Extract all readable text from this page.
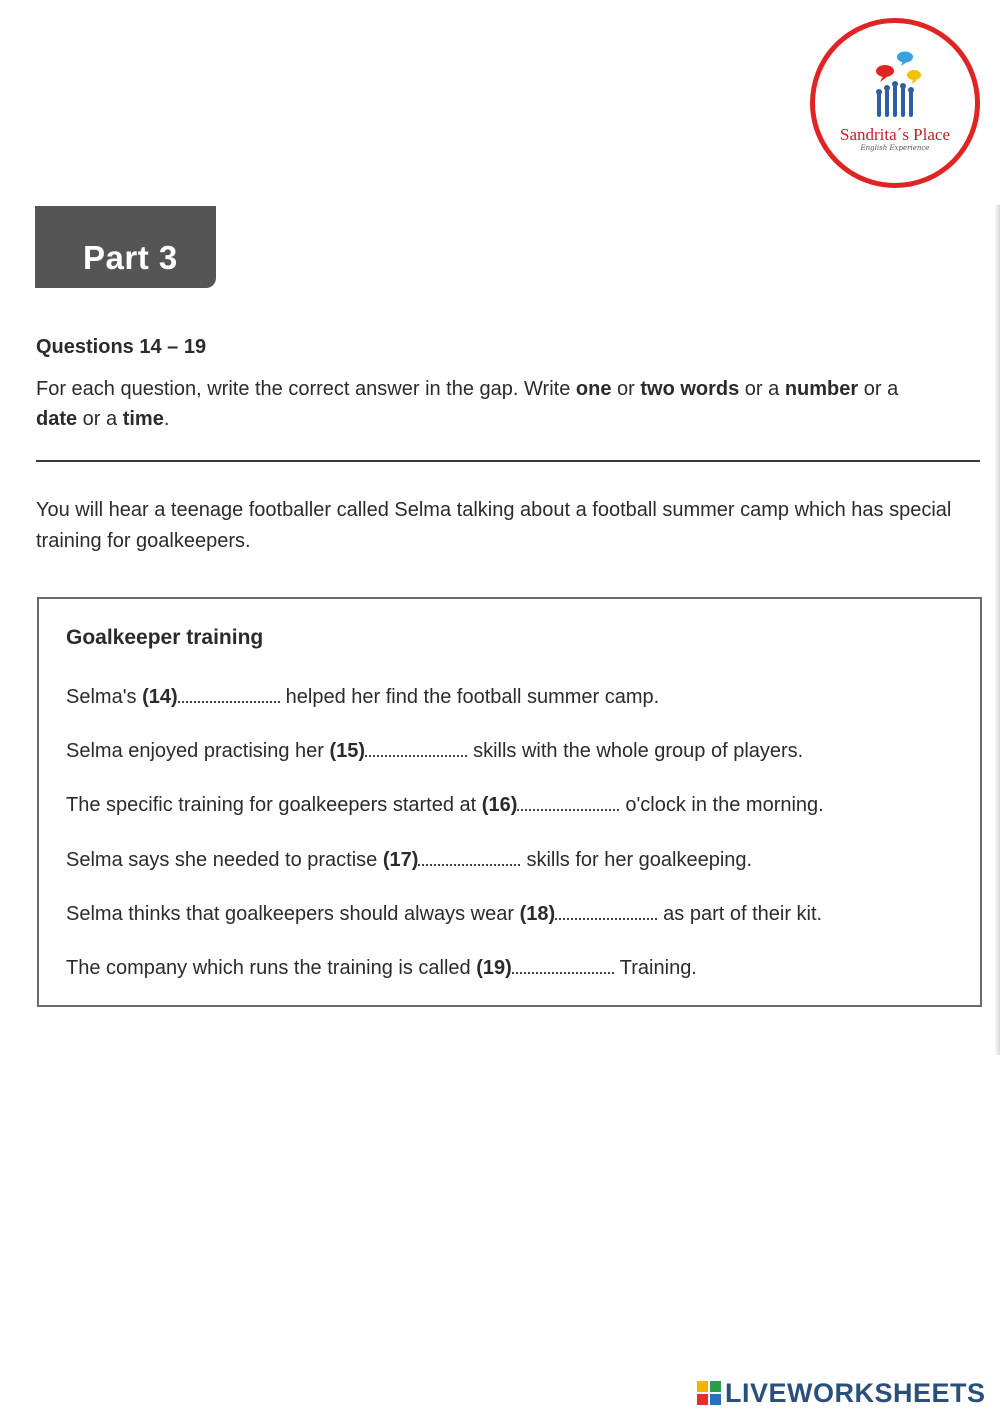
Sandrita´s Place
English Experience
Part 3
Questions 14 – 19
For each question, write the correct answer in the gap. Write one or two words or a number or a date or a time.
You will hear a teenage footballer called Selma talking about a football summer camp which has special training for goalkeepers.
Goalkeeper training
Selma's (14)	helped her find the football summer camp.
Selma enjoyed practising her (15)	skills with the whole group of players.
The specific training for goalkeepers started at (16)	o'clock in the morning.
Selma says she needed to practise (17)	skills for her goalkeeping.
Selma thinks that goalkeepers should always wear (18)	as part of their kit.
The company which runs the training is called (19)	Training.
LIVEWORKSHEETS
